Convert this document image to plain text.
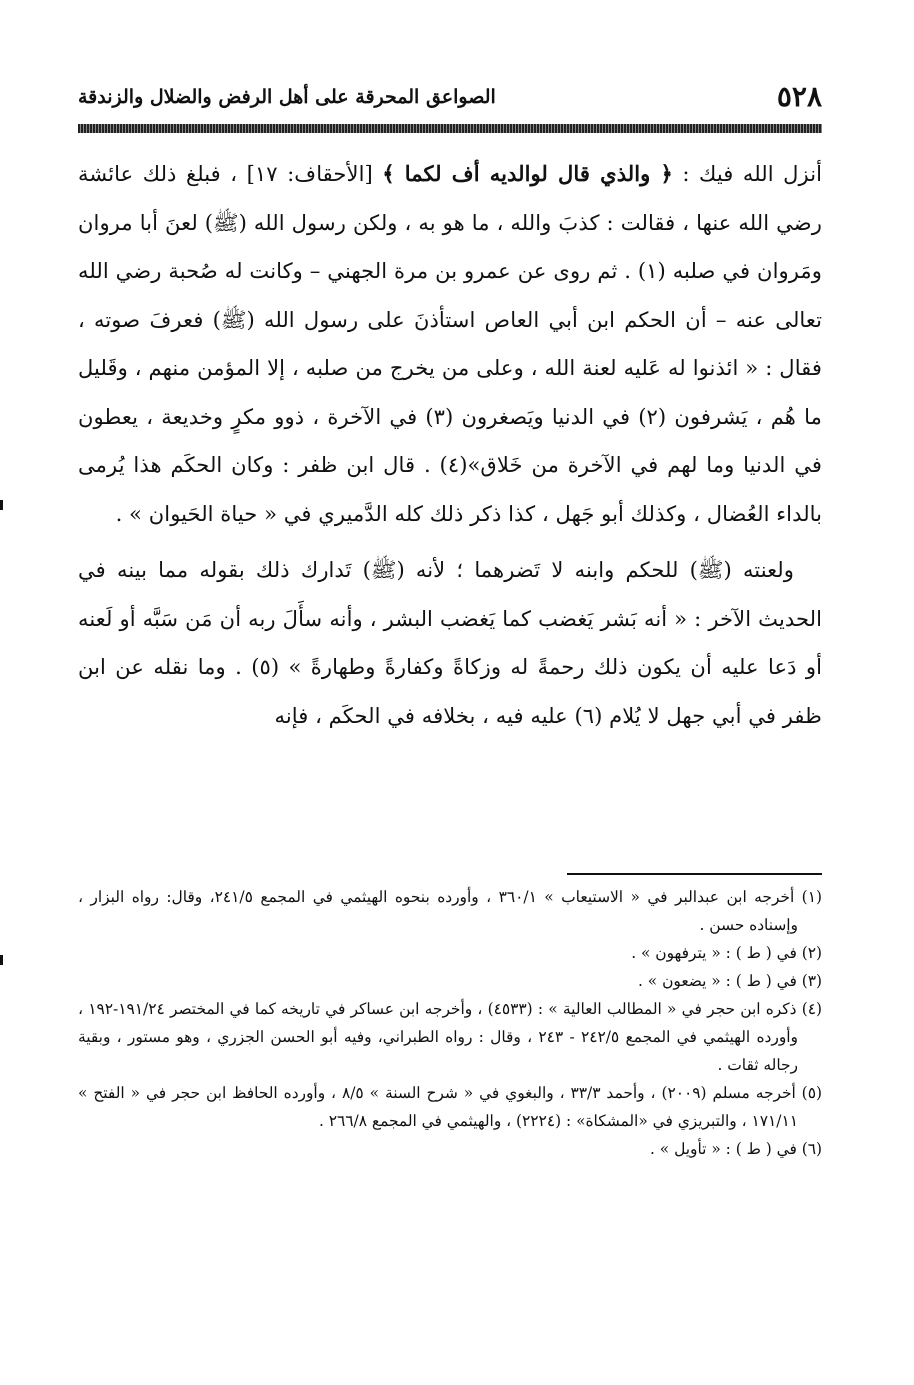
٥٢٨
الصواعق المحرقة على أهل الرفض والضلال والزندقة

أنزل الله فيك : ﴿ والذي قال لوالديه أف لكما ﴾ [الأحقاف: ١٧] ، فبلغ ذلك عائشة رضي الله عنها ، فقالت : كذبَ والله ، ما هو به ، ولكن رسول الله (ﷺ) لعنَ أبا مروان ومَروان في صلبه (١) . ثم روى عن عمرو بن مرة الجهني – وكانت له صُحبة رضي الله تعالى عنه – أن الحكم ابن أبي العاص استأذنَ على رسول الله (ﷺ) فعرفَ صوته ، فقال : « ائذنوا له عَليه لعنة الله ، وعلى من يخرج من صلبه ، إلا المؤمن منهم ، وقَليل ما هُم ، يَشرفون (٢) في الدنيا ويَصغرون (٣) في الآخرة ، ذوو مكرٍ وخديعة ، يعطون في الدنيا وما لهم في الآخرة من خَلاق»(٤) . قال ابن ظفر : وكان الحكَم هذا يُرمى بالداء العُضال ، وكذلك أبو جَهل ، كذا ذكر ذلك كله الدَّميري في « حياة الحَيوان » .

ولعنته (ﷺ) للحكم وابنه لا تَضرهما ؛ لأنه (ﷺ) تَدارك ذلك بقوله مما بينه في الحديث الآخر : « أنه بَشر يَغضب كما يَغضب البشر ، وأنه سأَلَ ربه أن مَن سَبَّه أو لَعنه أو دَعا عليه أن يكون ذلك رحمةً له وزكاةً وكفارةً وطهارةً » (٥) . وما نقله عن ابن ظفر في أبي جهل لا يُلام (٦) عليه فيه ، بخلافه في الحكَم ، فإنه

(١) أخرجه ابن عبدالبر في « الاستيعاب » ٣٦٠/١ ، وأورده بنحوه الهيثمي في المجمع ٢٤١/٥، وقال: رواه البزار ، وإسناده حسن .

(٢) في ( ط ) : « يترفهون » .

(٣) في ( ط ) : « يضعون » .

(٤) ذكره ابن حجر في « المطالب العالية » : (٤٥٣٣) ، وأخرجه ابن عساكر في تاريخه كما في المختصر ١٩١/٢٤-١٩٢ ، وأورده الهيثمي في المجمع ٢٤٢/٥ - ٢٤٣ ، وقال : رواه الطبراني، وفيه أبو الحسن الجزري ، وهو مستور ، وبقية رجاله ثقات .

(٥) أخرجه مسلم (٢٠٠٩) ، وأحمد ٣٣/٣ ، والبغوي في « شرح السنة » ٨/٥ ، وأورده الحافظ ابن حجر في « الفتح » ١٧١/١١ ، والتبريزي في «المشكاة» : (٢٢٢٤) ، والهيثمي في المجمع ٢٦٦/٨ .

(٦) في ( ط ) : « تأويل » .
